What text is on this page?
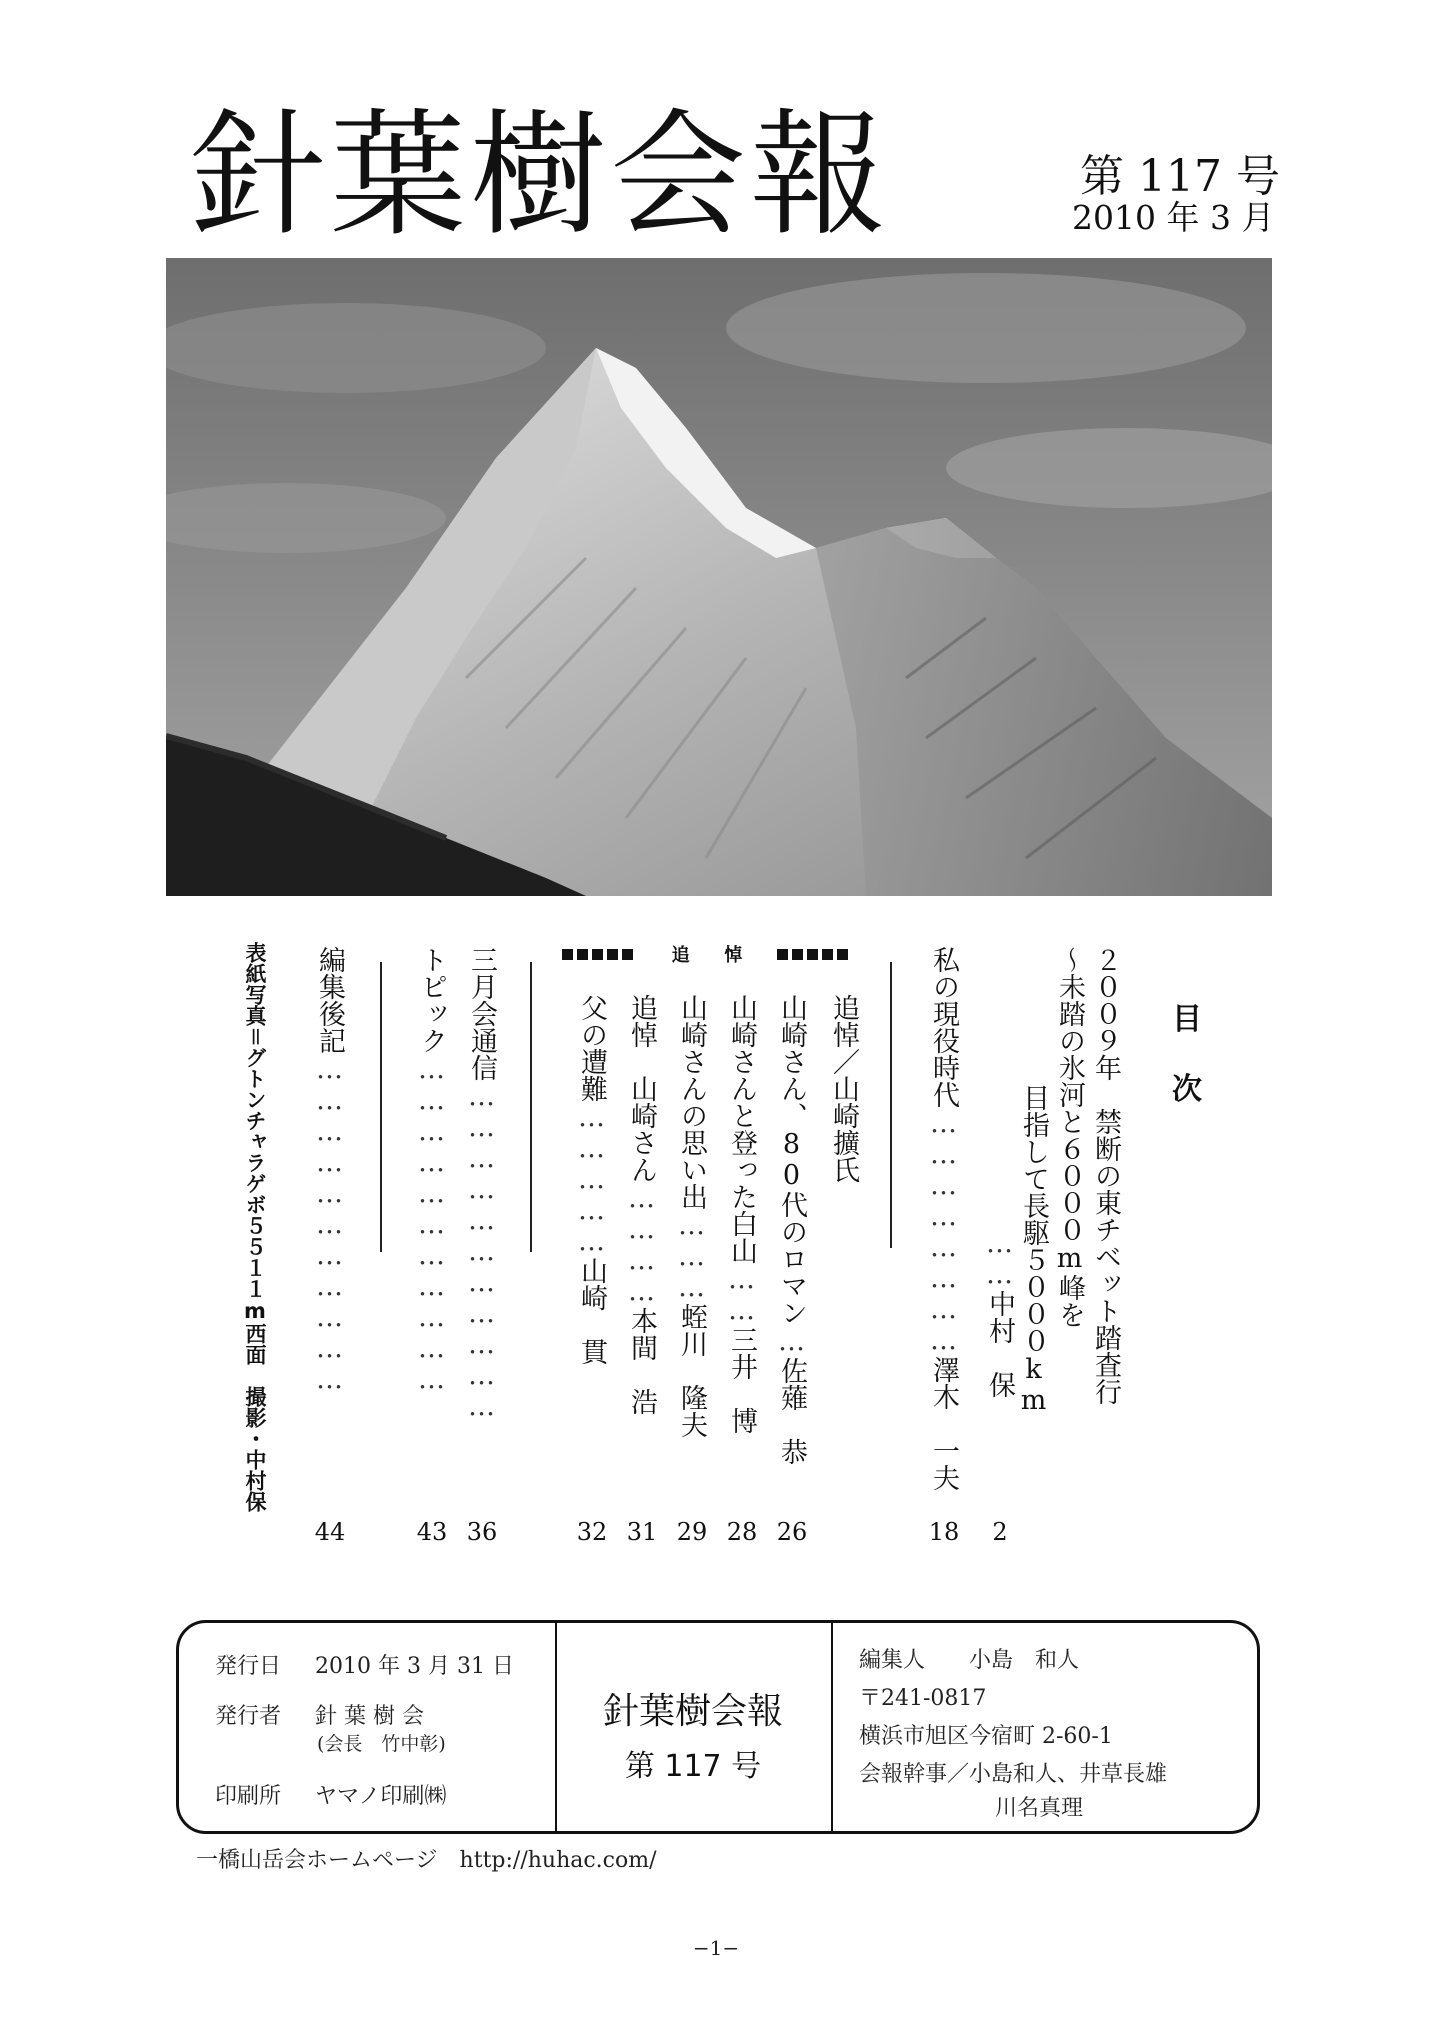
針葉樹会報	第 117 号
2010 年 3 月
目
次
２００９年　禁断の東チベット踏査行
〜未踏の氷河と６０００m峰を
目指して長駆５０００km
……中村　保
2
私の現役時代……………………澤木　一夫
18
追 悼
追悼／山崎擴氏
山崎さん、80代のロマン…佐薙　恭
26
山崎さんと登った白山……三井　博
28
山崎さんの思い出………蛭川　隆夫
29
追悼　山崎さん…………本間　浩
31
父の遭難……………山崎　貫
32
三月会通信……………………………
36
トピック……………………………
43
編集後記……………………………
44
表紙写真＝グトンチャラゲボ５５１１m西面　撮影・中村保
発行日 2010 年 3 月 31 日
発行者 針 葉 樹 会
(会長　竹中彰)
印刷所 ヤマノ印刷㈱
針葉樹会報
第 117 号
編集人　　小島　和人
〒241-0817
横浜市旭区今宿町 2-60-1
会報幹事／小島和人、井草長雄
川名真理
一橋山岳会ホームページ　http://huhac.com/
−1−
